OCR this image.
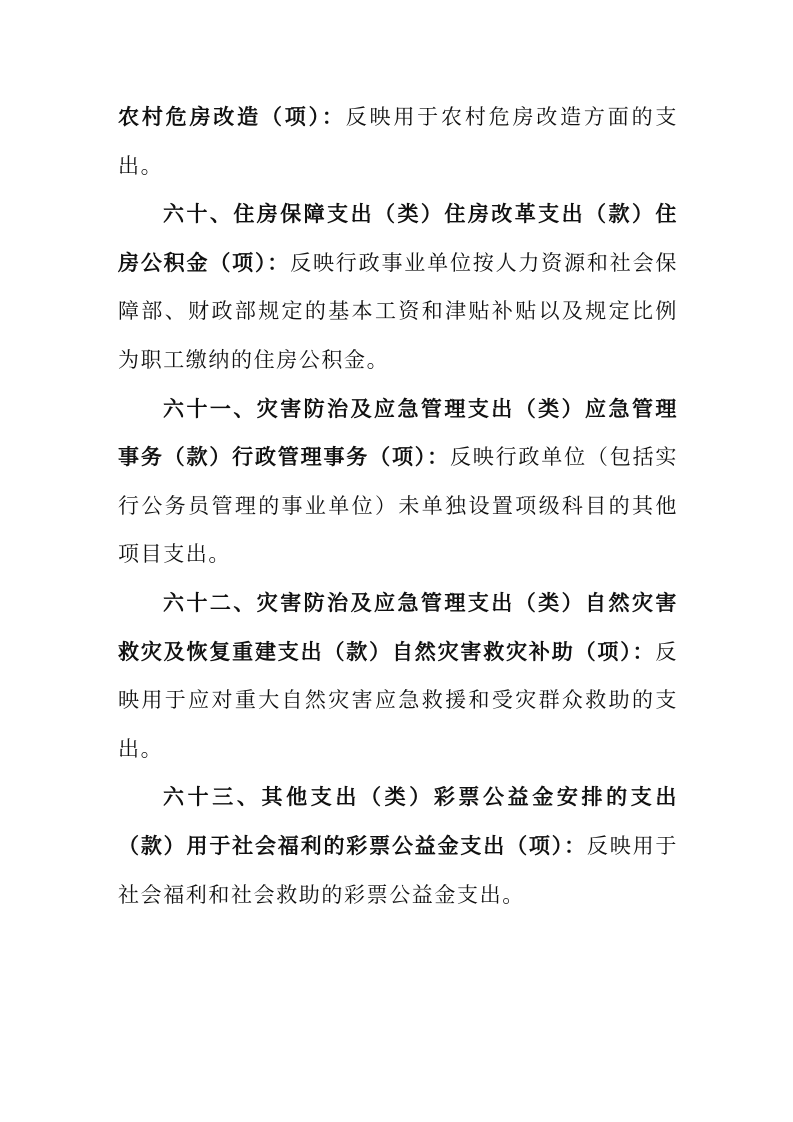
农村危房改造（项）：反映用于农村危房改造方面的支出。

六十、住房保障支出（类）住房改革支出（款）住房公积金（项）：反映行政事业单位按人力资源和社会保障部、财政部规定的基本工资和津贴补贴以及规定比例为职工缴纳的住房公积金。

六十一、灾害防治及应急管理支出（类）应急管理事务（款）行政管理事务（项）：反映行政单位（包括实行公务员管理的事业单位）未单独设置项级科目的其他项目支出。

六十二、灾害防治及应急管理支出（类）自然灾害救灾及恢复重建支出（款）自然灾害救灾补助（项）：反映用于应对重大自然灾害应急救援和受灾群众救助的支出。

六十三、其他支出（类）彩票公益金安排的支出（款）用于社会福利的彩票公益金支出（项）：反映用于社会福利和社会救助的彩票公益金支出。
